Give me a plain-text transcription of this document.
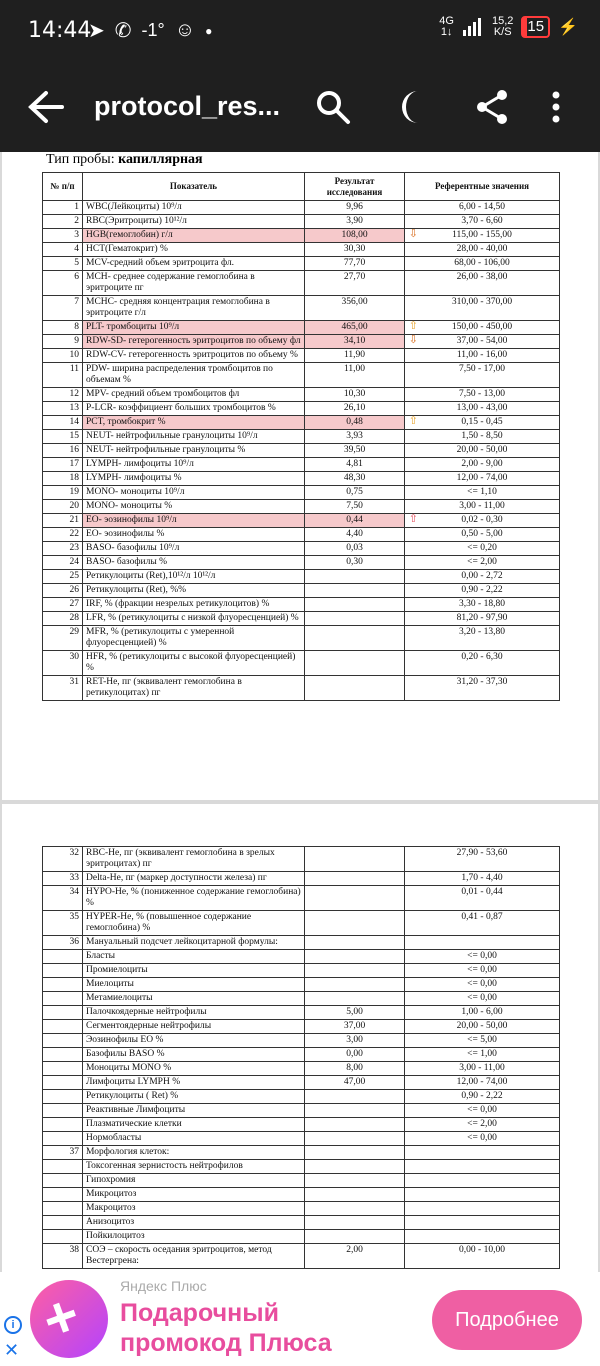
14:44
➤ ✆ -1° ☺ ●
4G
1↓
15,2
K/S	15 ⚡
protocol_res...
Тип пробы: капиллярная
№ п/п	Показатель	Результат исследования	Референтные значения
1	WBC(Лейкоциты) 10⁹/л	9,96	6,00 - 14,50
2	RBC(Эритроциты) 10¹²/л	3,90	3,70 - 6,60
3	HGB(гемоглобин) г/л	108,00 ⇩	115,00 - 155,00
4	HCT(Гематокрит) %	30,30	28,00 - 40,00
5	MCV-средний объем эритроцита фл.	77,70	68,00 - 106,00
6	MCH- среднее содержание гемоглобина в эритроците пг	27,70	26,00 - 38,00
7	MCHC- средняя концентрация гемоглобина в эритроците г/л	356,00	310,00 - 370,00
8	PLT- тромбоциты 10⁹/л	465,00 ⇧	150,00 - 450,00
9	RDW-SD- гетерогенность эритроцитов по объему фл	34,10 ⇩	37,00 - 54,00
10	RDW-CV- гетерогенность эритроцитов по объему %	11,90	11,00 - 16,00
11	PDW- ширина распределения тромбоцитов по объемам %	11,00	7,50 - 17,00
12	MPV- средний объем тромбоцитов фл	10,30	7,50 - 13,00
13	P-LCR- коэффициент больших тромбоцитов %	26,10	13,00 - 43,00
14	PCT, тромбокрит %	0,48 ⇧	0,15 - 0,45
15	NEUT- нейтрофильные гранулоциты 10⁹/л	3,93	1,50 - 8,50
16	NEUT- нейтрофильные гранулоциты %	39,50	20,00 - 50,00
17	LYMPH- лимфоциты 10⁹/л	4,81	2,00 - 9,00
18	LYMPH- лимфоциты %	48,30	12,00 - 74,00
19	MONO- моноциты 10⁹/л	0,75	<= 1,10
20	MONO- моноциты %	7,50	3,00 - 11,00
21	EO- эозинофилы 10⁹/л	0,44 ⇧	0,02 - 0,30
22	EO- эозинофилы %	4,40	0,50 - 5,00
23	BASO- базофилы 10⁹/л	0,03	<= 0,20
24	BASO- базофилы %	0,30	<= 2,00
25	Ретикулоциты (Ret),10¹²/л 10¹²/л		0,00 - 2,72
26	Ретикулоциты (Ret), %%		0,90 - 2,22
27	IRF, % (фракции незрелых ретикулоцитов) %		3,30 - 18,80
28	LFR, % (ретикулоциты с низкой флуоресценцией) %		81,20 - 97,90
29	MFR, % (ретикулоциты с умеренной флуоресценцией) %		3,20 - 13,80
30	HFR, % (ретикулоциты с высокой флуоресценцией) %		0,20 - 6,30
31	RET-He, пг (эквивалент гемоглобина в ретикулоцитах) пг		31,20 - 37,30
32	RBC-He, пг (эквивалент гемоглобина в зрелых эритроцитах) пг		27,90 - 53,60
33	Delta-He, пг (маркер доступности железа) пг		1,70 - 4,40
34	HYPO-He, % (пониженное содержание гемоглобина) %		0,01 - 0,44
35	HYPER-He, % (повышенное содержание гемоглобина) %		0,41 - 0,87
36	Мануальный подсчет лейкоцитарной формулы:		
	Бласты		<= 0,00
	Промиелоциты		<= 0,00
	Миелоциты		<= 0,00
	Метамиелоциты		<= 0,00
	Палочкоядерные нейтрофилы	5,00	1,00 - 6,00
	Сегментоядерные нейтрофилы	37,00	20,00 - 50,00
	Эозинофилы EO %	3,00	<= 5,00
	Базофилы BASO %	0,00	<= 1,00
	Моноциты MONO %	8,00	3,00 - 11,00
	Лимфоциты LYMPH %	47,00	12,00 - 74,00
	Ретикулоциты ( Ret) %		0,90 - 2,22
	Реактивные Лимфоциты		<= 0,00
	Плазматические клетки		<= 2,00
	Нормобласты		<= 0,00
37	Морфология клеток:		
	Токсогенная зернистость нейтрофилов		
	Гипохромия		
	Микроцитоз		
	Макроцитоз		
	Анизоцитоз		
	Пойкилоцитоз		
38	СОЭ – скорость оседания эритроцитов, метод Вестергрена:	2,00	0,00 - 10,00
i
✕ + Яндекс Плюс
Подарочный
промокод Плюса
Подробнее
